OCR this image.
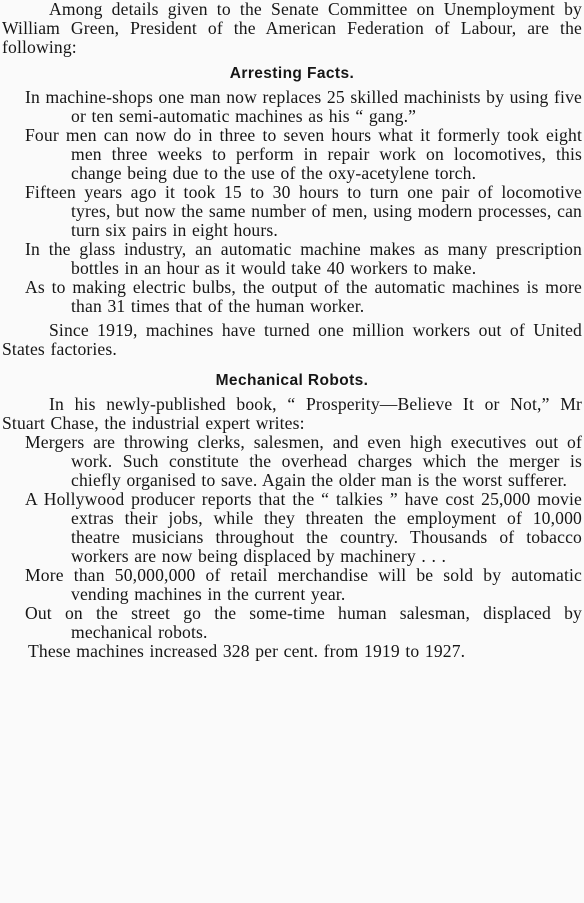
Among details given to the Senate Committee on Unemployment by William Green, President of the American Federation of Labour, are the following:

Arresting Facts.

In machine-shops one man now replaces 25 skilled machinists by using five or ten semi-automatic machines as his “ gang.”

Four men can now do in three to seven hours what it formerly took eight men three weeks to perform in repair work on locomotives, this change being due to the use of the oxy-acetylene torch.

Fifteen years ago it took 15 to 30 hours to turn one pair of locomotive tyres, but now the same number of men, using modern processes, can turn six pairs in eight hours.

In the glass industry, an automatic machine makes as many prescription bottles in an hour as it would take 40 workers to make.

As to making electric bulbs, the output of the automatic machines is more than 31 times that of the human worker.

Since 1919, machines have turned one million workers out of United States factories.

Mechanical Robots.

In his newly-published book, “ Prosperity—Believe It or Not,” Mr Stuart Chase, the industrial expert writes:

Mergers are throwing clerks, salesmen, and even high executives out of work. Such constitute the overhead charges which the merger is chiefly organised to save. Again the older man is the worst sufferer.

A Hollywood producer reports that the “ talkies ” have cost 25,000 movie extras their jobs, while they threaten the employment of 10,000 theatre musicians throughout the country. Thousands of tobacco workers are now being displaced by machinery . . .

More than 50,000,000 of retail merchandise will be sold by automatic vending machines in the current year.

Out on the street go the some-time human salesman, displaced by mechanical robots.

These machines increased 328 per cent. from 1919 to 1927.
